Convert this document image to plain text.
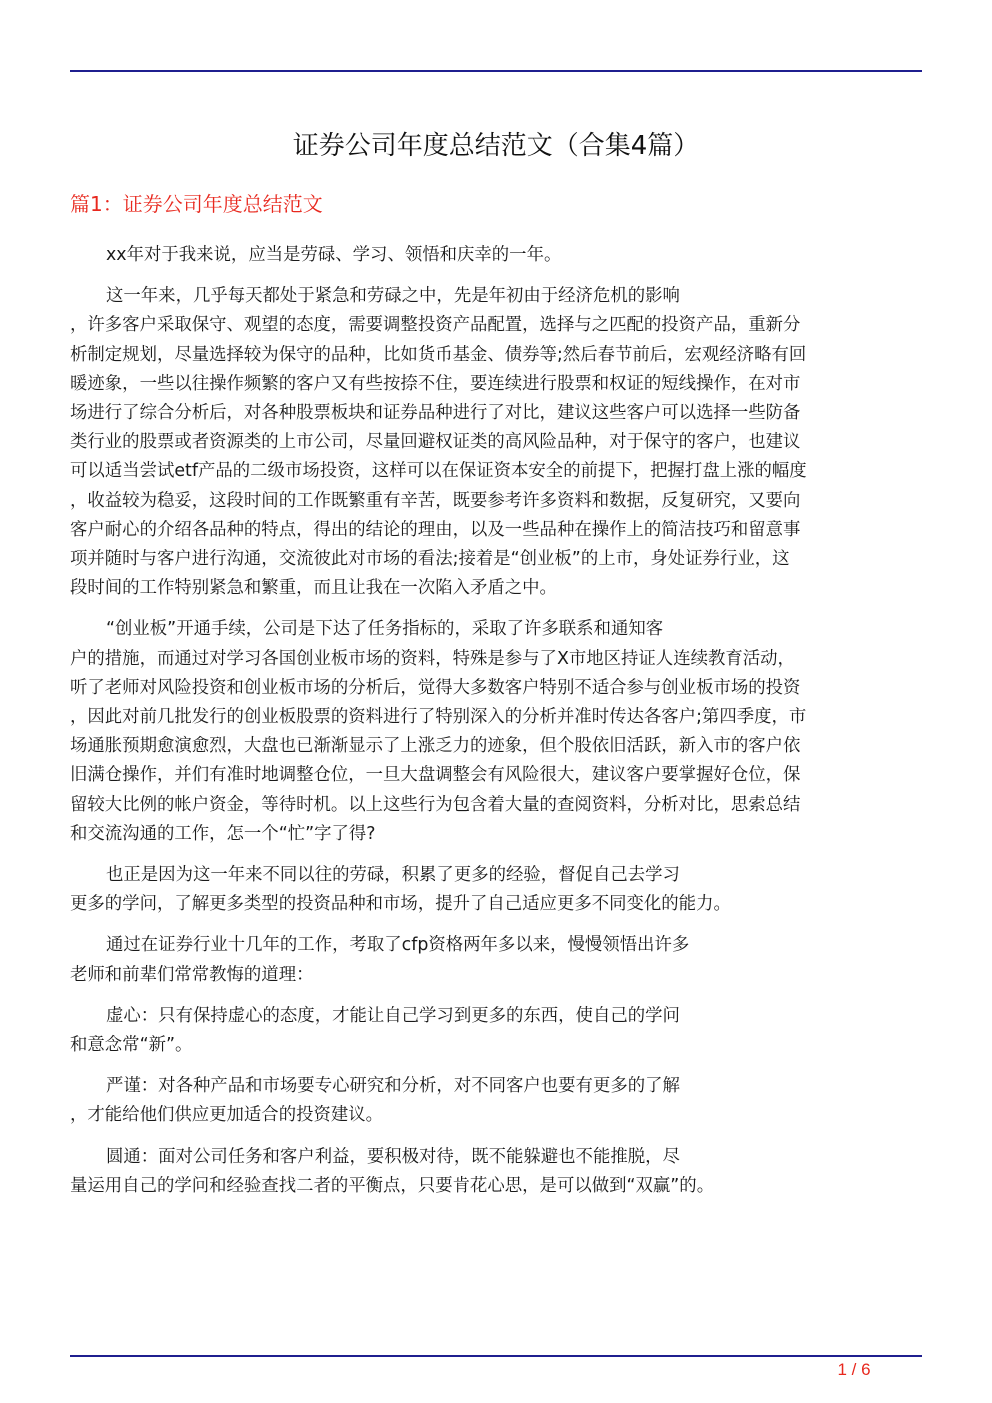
证券公司年度总结范文（合集4篇）
篇1：证券公司年度总结范文

xx年对于我来说，应当是劳碌、学习、领悟和庆幸的一年。

这一年来，几乎每天都处于紧急和劳碌之中，先是年初由于经济危机的影响
，许多客户采取保守、观望的态度，需要调整投资产品配置，选择与之匹配的投资产品，重新分
析制定规划，尽量选择较为保守的品种，比如货币基金、债券等;然后春节前后，宏观经济略有回
暖迹象，一些以往操作频繁的客户又有些按捺不住，要连续进行股票和权证的短线操作，在对市
场进行了综合分析后，对各种股票板块和证券品种进行了对比，建议这些客户可以选择一些防备
类行业的股票或者资源类的上市公司，尽量回避权证类的高风险品种，对于保守的客户，也建议
可以适当尝试etf产品的二级市场投资，这样可以在保证资本安全的前提下，把握打盘上涨的幅度
，收益较为稳妥，这段时间的工作既繁重有辛苦，既要参考许多资料和数据，反复研究，又要向
客户耐心的介绍各品种的特点，得出的结论的理由，以及一些品种在操作上的简洁技巧和留意事
项并随时与客户进行沟通，交流彼此对市场的看法;接着是“创业板”的上市，身处证券行业，这
段时间的工作特别紧急和繁重，而且让我在一次陷入矛盾之中。

“创业板”开通手续，公司是下达了任务指标的，采取了许多联系和通知客
户的措施，而通过对学习各国创业板市场的资料，特殊是参与了X市地区持证人连续教育活动，
听了老师对风险投资和创业板市场的分析后，觉得大多数客户特别不适合参与创业板市场的投资
，因此对前几批发行的创业板股票的资料进行了特别深入的分析并准时传达各客户;第四季度，市
场通胀预期愈演愈烈，大盘也已渐渐显示了上涨乏力的迹象，但个股依旧活跃，新入市的客户依
旧满仓操作，并们有准时地调整仓位，一旦大盘调整会有风险很大，建议客户要掌握好仓位，保
留较大比例的帐户资金，等待时机。以上这些行为包含着大量的查阅资料，分析对比，思索总结
和交流沟通的工作，怎一个“忙”字了得?

也正是因为这一年来不同以往的劳碌，积累了更多的经验，督促自己去学习
更多的学问，了解更多类型的投资品种和市场，提升了自己适应更多不同变化的能力。

通过在证券行业十几年的工作，考取了cfp资格两年多以来，慢慢领悟出许多
老师和前辈们常常教悔的道理：

虚心：只有保持虚心的态度，才能让自己学习到更多的东西，使自己的学问
和意念常“新”。

严谨：对各种产品和市场要专心研究和分析，对不同客户也要有更多的了解
，才能给他们供应更加适合的投资建议。

圆通：面对公司任务和客户利益，要积极对待，既不能躲避也不能推脱，尽
量运用自己的学问和经验查找二者的平衡点，只要肯花心思，是可以做到“双赢”的。

1 / 6
